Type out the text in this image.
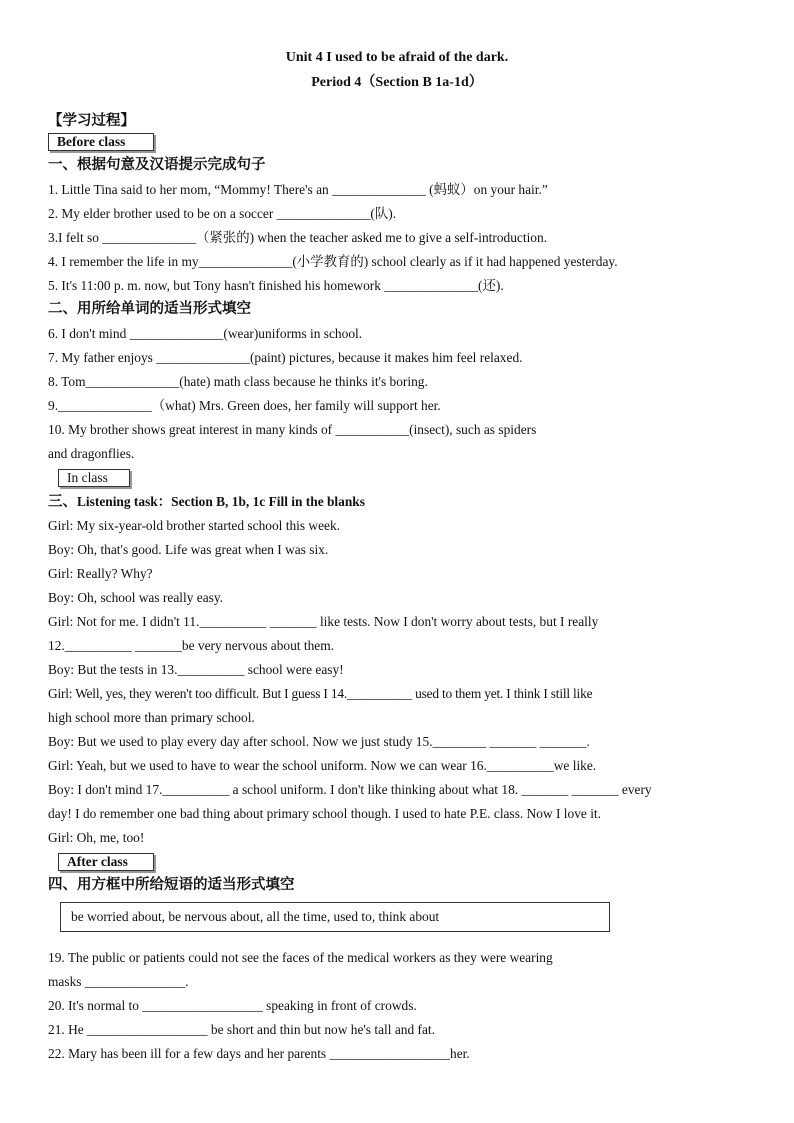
Unit 4 I used to be afraid of the dark.
Period 4（Section B 1a-1d）
【学习过程】
Before class
一、根据句意及汉语提示完成句子
1. Little Tina said to her mom, “Mommy! There's an ______________ (蚂蚁）on your hair.”
2. My elder brother used to be on a soccer ______________(队).
3.I felt so ______________（紧张的) when the teacher asked me to give a self-introduction.
4. I remember the life in my______________(小学教育的) school clearly as if it had happened yesterday.
5. It's 11:00 p. m. now, but Tony hasn't finished his homework ______________(还).
二、用所给单词的适当形式填空
6. I don't mind ______________(wear)uniforms in school.
7. My father enjoys ______________(paint) pictures, because it makes him feel relaxed.
8. Tom______________(hate) math class because he thinks it's boring.
9.______________（what) Mrs. Green does, her family will support her.
10. My brother shows great interest in many kinds of ___________(insect), such as spiders
and dragonflies.
In class
三、Listening task：Section B, 1b, 1c Fill in the blanks
Girl: My six-year-old brother started school this week.
Boy: Oh, that's good. Life was great when I was six.
Girl: Really? Why?
Boy: Oh, school was really easy.
Girl: Not for me. I didn't 11.__________ _______ like tests. Now I don't worry about tests, but I really
12.__________ _______be very nervous about them.
Boy: But the tests in 13.__________ school were easy!
Girl: Well, yes, they weren't too difficult. But I guess I 14.__________ used to them yet. I think I still like
high school more than primary school.
Boy: But we used to play every day after school. Now we just study 15.________ _______ _______.
Girl: Yeah, but we used to have to wear the school uniform. Now we can wear 16.__________we like.
Boy: I don't mind 17.__________ a school uniform. I don't like thinking about what 18. _______ _______ every
day! I do remember one bad thing about primary school though. I used to hate P.E. class. Now I love it.
Girl: Oh, me, too!
After class
四、用方框中所给短语的适当形式填空
be worried about, be nervous about, all the time, used to, think about
19. The public or patients could not see the faces of the medical workers as they were wearing
masks _______________.
20. It's normal to __________________ speaking in front of crowds.
21. He __________________ be short and thin but now he's tall and fat.
22. Mary has been ill for a few days and her parents __________________her.
